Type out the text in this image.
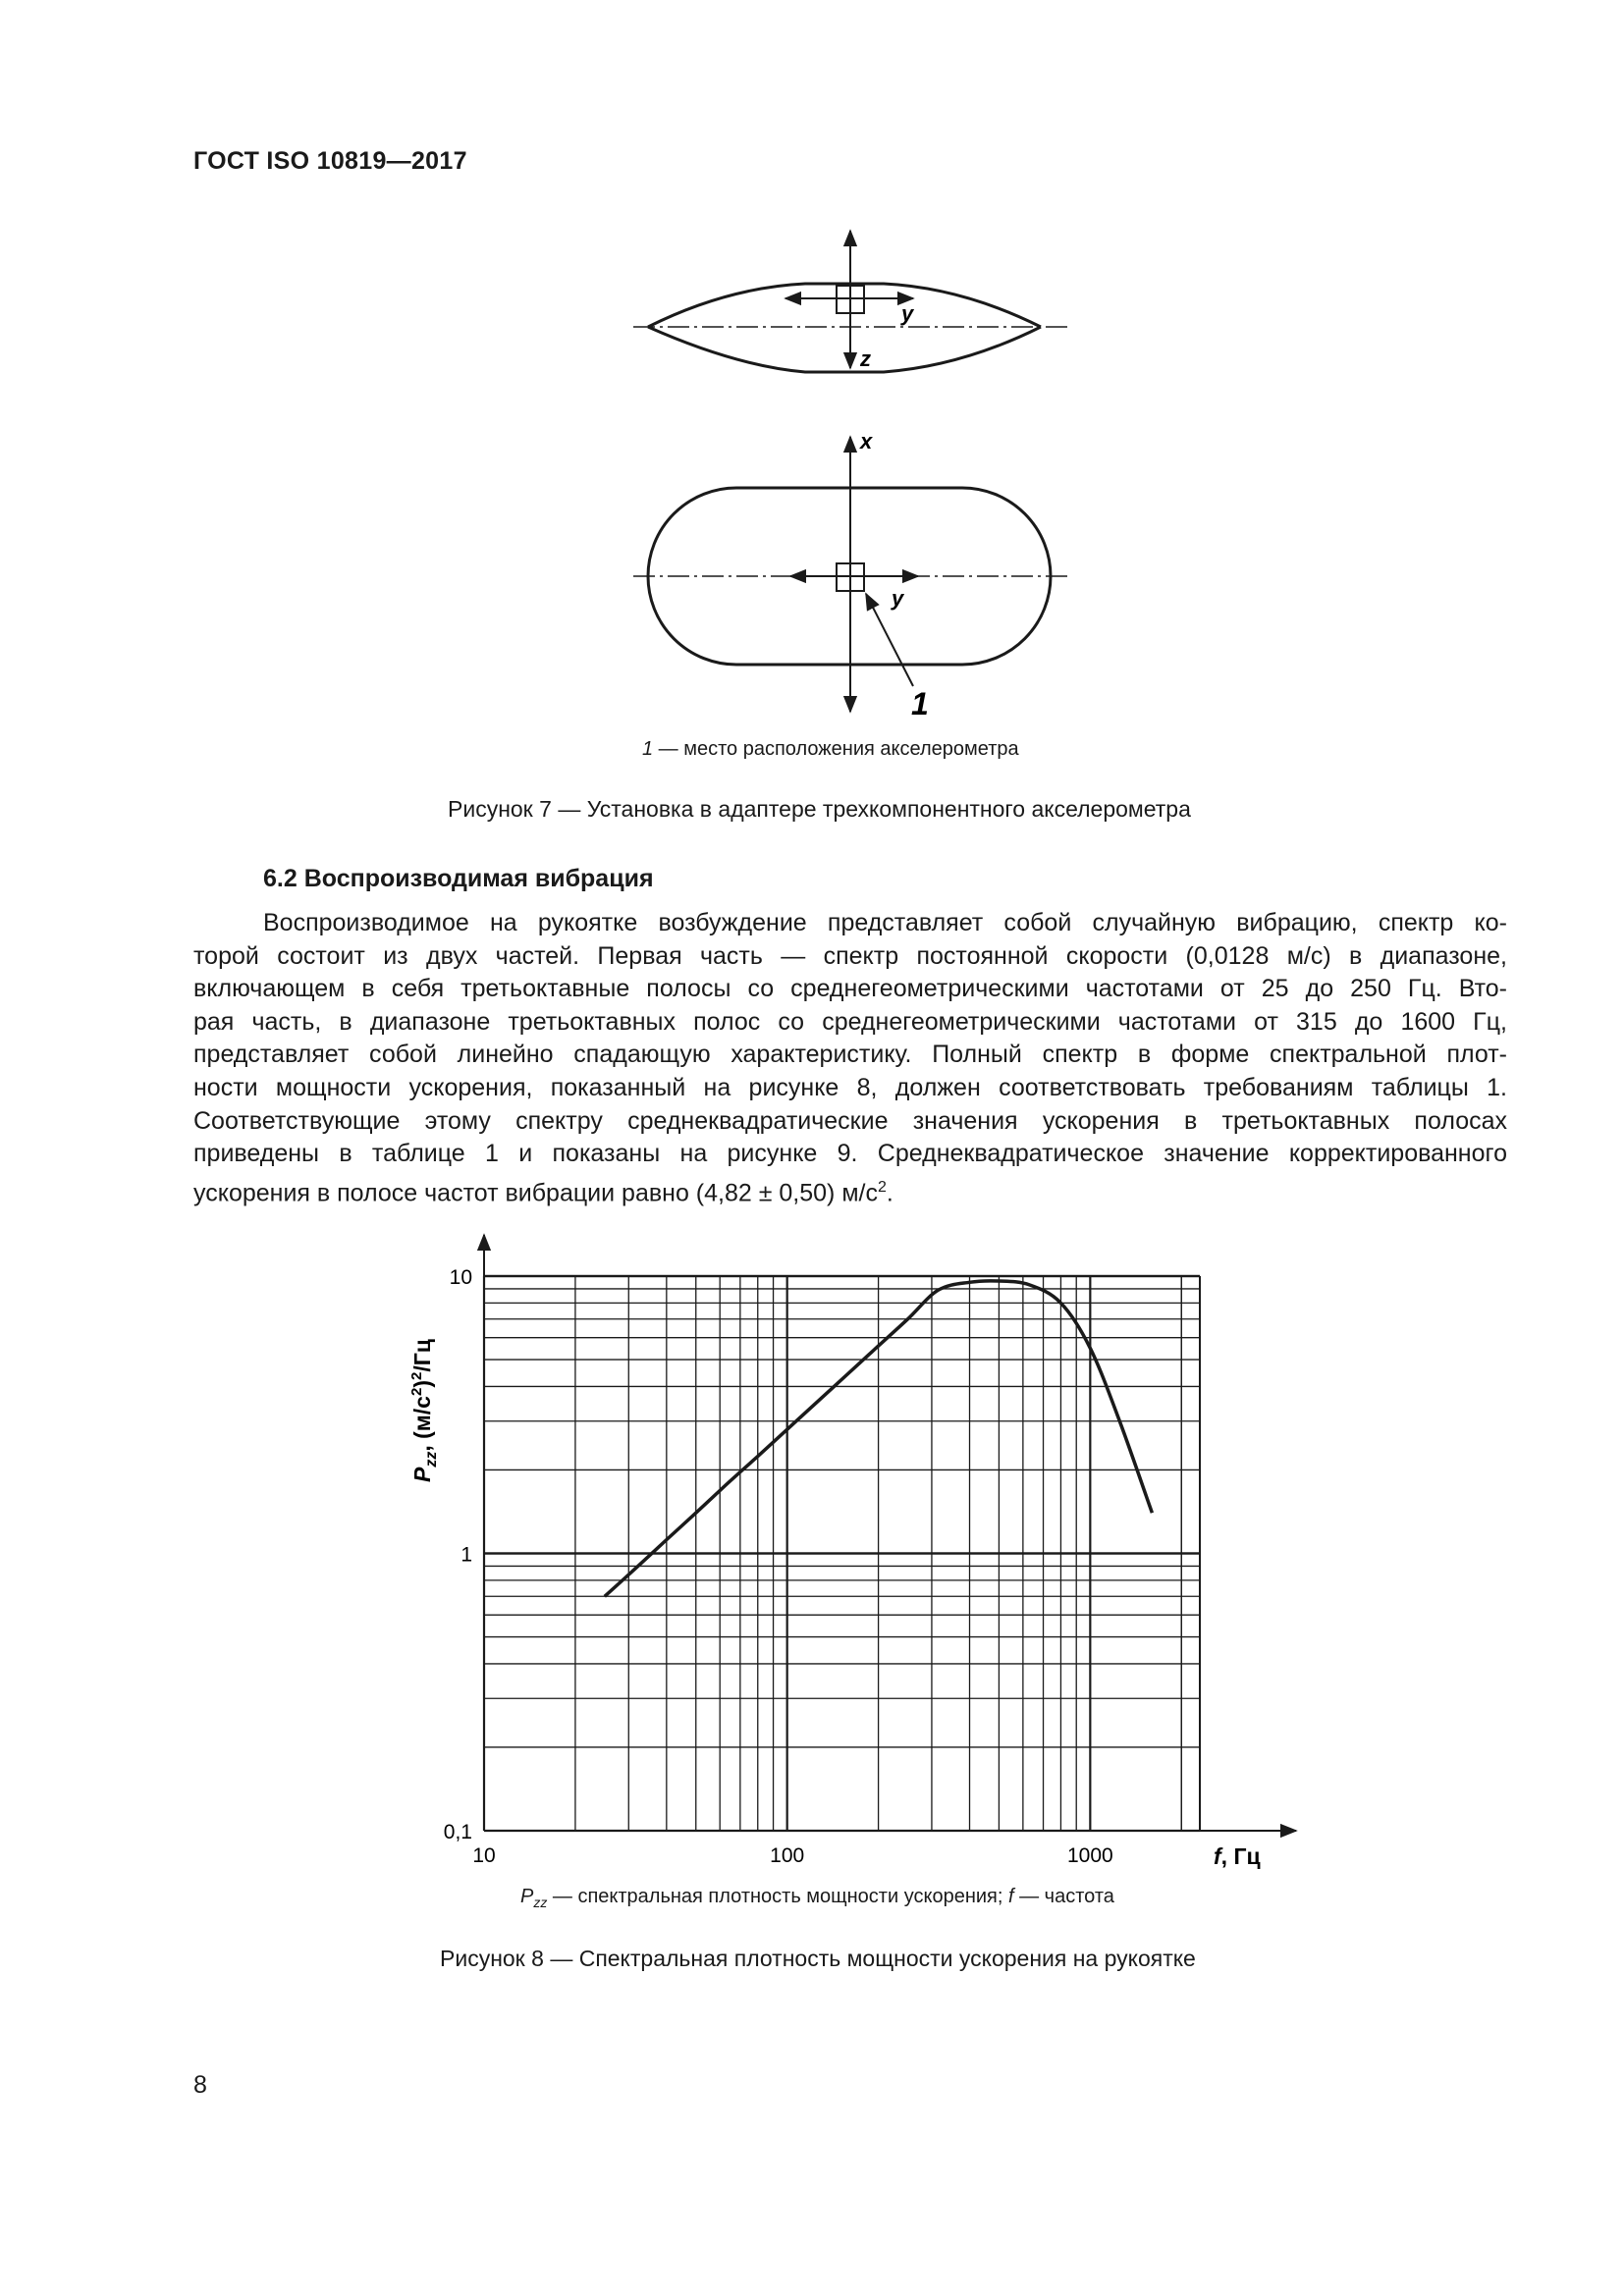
ГОСТ ISO 10819—2017
y
z
x
y
1
1 — место расположения акселерометра
Рисунок 7 — Установка в адаптере трехкомпонентного акселерометра
6.2 Воспроизводимая вибрация
Воспроизводимое на рукоятке возбуждение представляет собой случайную вибрацию, спектр ко-
торой состоит из двух частей. Первая часть — спектр постоянной скорости (0,0128 м/с) в диапазоне,
включающем в себя третьоктавные полосы со среднегеометрическими частотами от 25 до 250 Гц. Вто-
рая часть, в диапазоне третьоктавных полос со среднегеометрическими частотами от 315 до 1600 Гц,
представляет собой линейно спадающую характеристику. Полный спектр в форме спектральной плот-
ности мощности ускорения, показанный на рисунке 8, должен соответствовать требованиям таблицы 1.
Соответствующие этому спектру среднеквадратические значения ускорения в третьоктавных полосах
приведены в таблице 1 и показаны на рисунке 9. Среднеквадратическое значение корректированного
ускорения в полосе частот вибрации равно (4,82 ± 0,50) $м/с^2$.
10	100	1000
0,1
1
10
f, Гц
$P_{zz}$, $(м/с^2)^2/Гц$
$P_{zz}$ — спектральная плотность мощности ускорения; f — частота
Рисунок 8 — Спектральная плотность мощности ускорения на рукоятке
8
